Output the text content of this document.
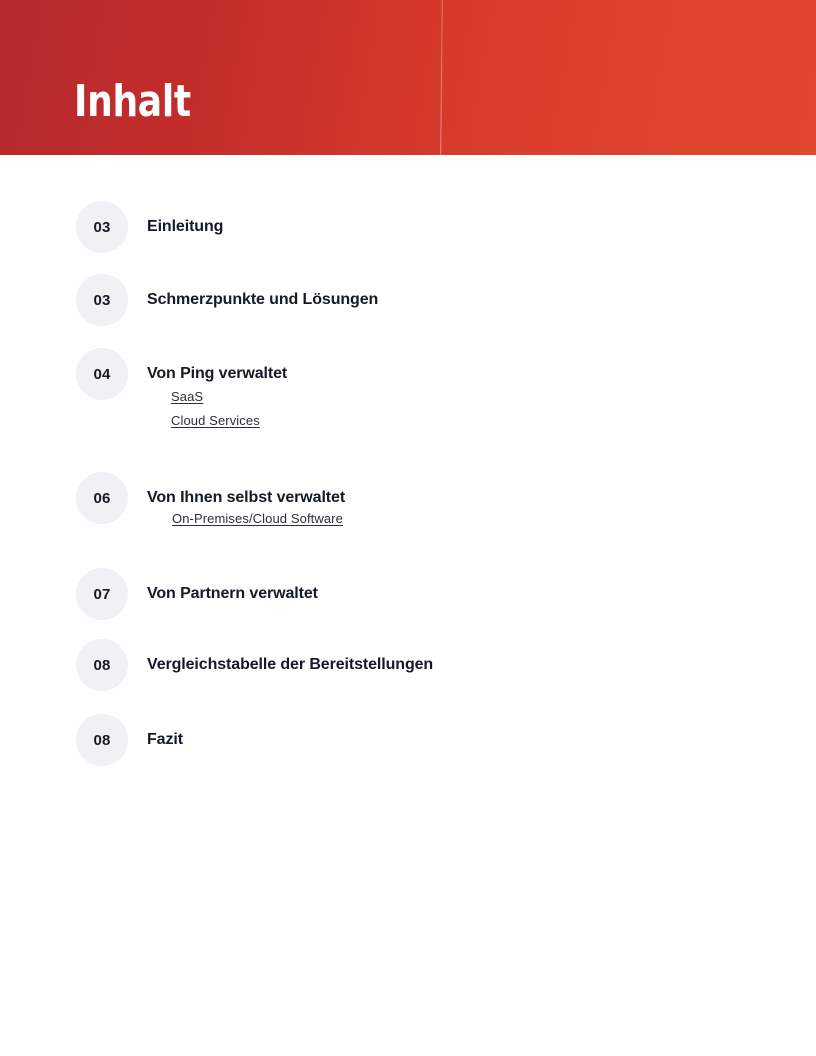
Inhalt
03	Einleitung
03	Schmerzpunkte und Lösungen
04	Von Ping verwaltet
SaaS
Cloud Services
06	Von Ihnen selbst verwaltet
On-Premises/Cloud Software
07	Von Partnern verwaltet
08	Vergleichstabelle der Bereitstellungen
08	Fazit
